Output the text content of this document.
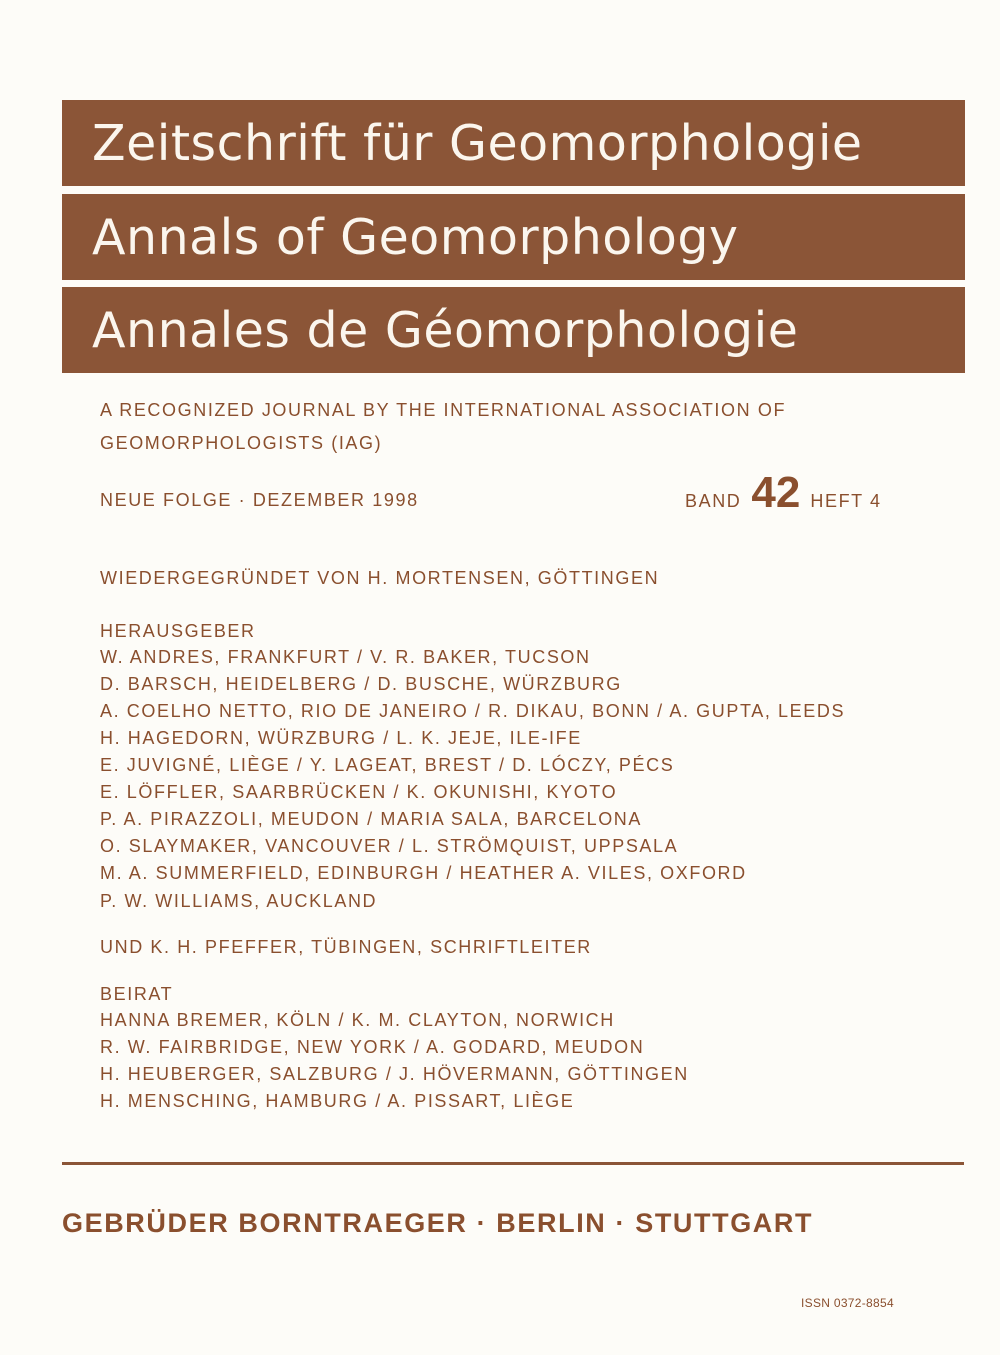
Zeitschrift für Geomorphologie
Annals of Geomorphology
Annales de Géomorphologie
A RECOGNIZED JOURNAL BY THE INTERNATIONAL ASSOCIATION OF
GEOMORPHOLOGISTS (IAG)
NEUE FOLGE · DEZEMBER 1998	BAND 42 HEFT 4
WIEDERGEGRÜNDET VON H. MORTENSEN, GÖTTINGEN
HERAUSGEBER
W. ANDRES, FRANKFURT / V. R. BAKER, TUCSON
D. BARSCH, HEIDELBERG / D. BUSCHE, WÜRZBURG
A. COELHO NETTO, RIO DE JANEIRO / R. DIKAU, BONN / A. GUPTA, LEEDS
H. HAGEDORN, WÜRZBURG / L. K. JEJE, ILE-IFE
E. JUVIGNÉ, LIÈGE / Y. LAGEAT, BREST / D. LÓCZY, PÉCS
E. LÖFFLER, SAARBRÜCKEN / K. OKUNISHI, KYOTO
P. A. PIRAZZOLI, MEUDON / MARIA SALA, BARCELONA
O. SLAYMAKER, VANCOUVER / L. STRÖMQUIST, UPPSALA
M. A. SUMMERFIELD, EDINBURGH / HEATHER A. VILES, OXFORD
P. W. WILLIAMS, AUCKLAND
UND K. H. PFEFFER, TÜBINGEN, SCHRIFTLEITER
BEIRAT
HANNA BREMER, KÖLN / K. M. CLAYTON, NORWICH
R. W. FAIRBRIDGE, NEW YORK / A. GODARD, MEUDON
H. HEUBERGER, SALZBURG / J. HÖVERMANN, GÖTTINGEN
H. MENSCHING, HAMBURG / A. PISSART, LIÈGE
GEBRÜDER BORNTRAEGER · BERLIN · STUTTGART
ISSN 0372-8854
